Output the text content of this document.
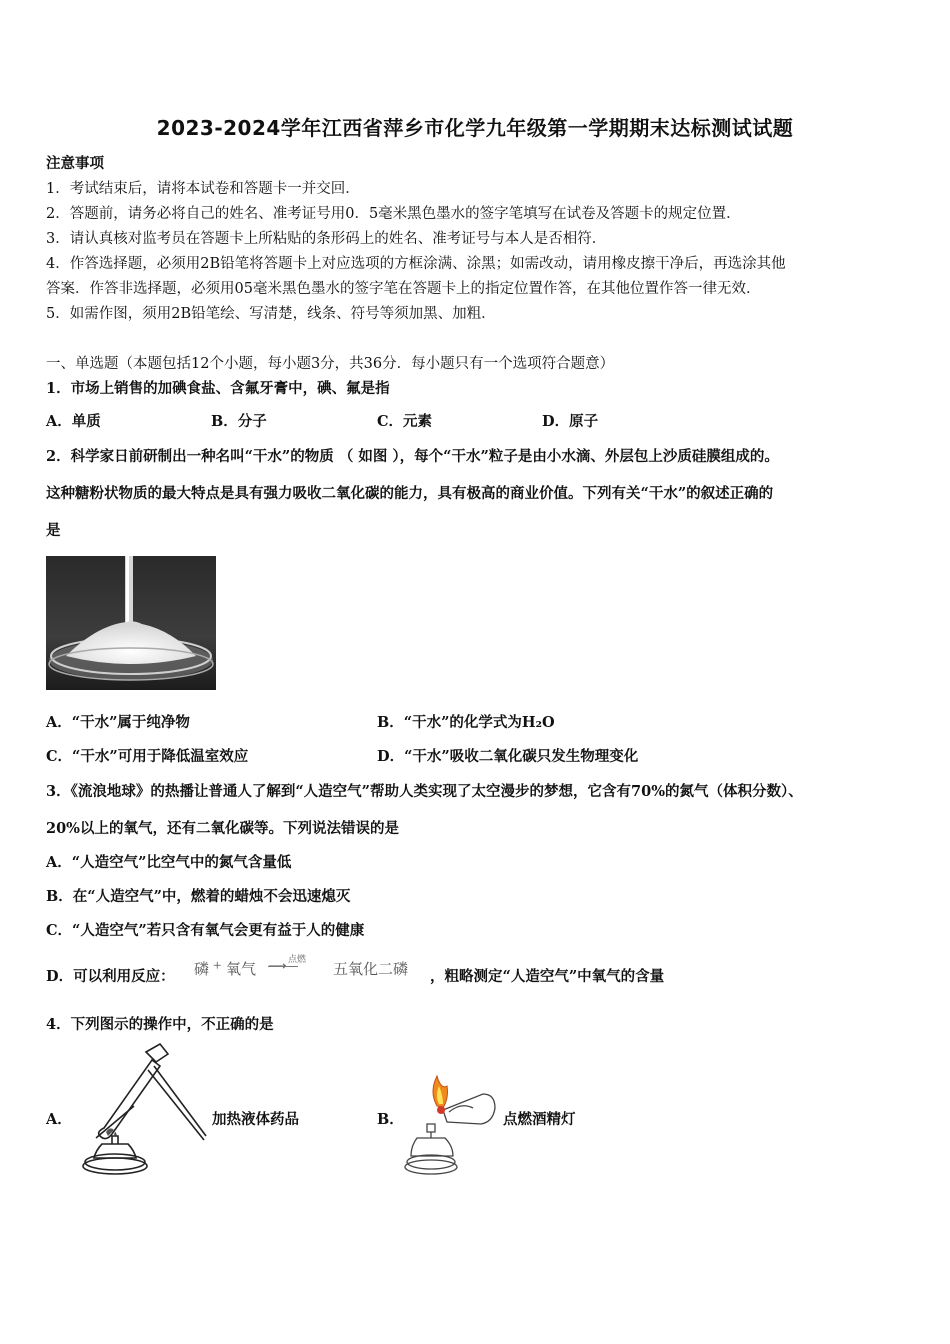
2023-2024学年江西省萍乡市化学九年级第一学期期末达标测试试题
注意事项
1．考试结束后，请将本试卷和答题卡一并交回．
2．答题前，请务必将自己的姓名、准考证号用0．5毫米黑色墨水的签字笔填写在试卷及答题卡的规定位置．
3．请认真核对监考员在答题卡上所粘贴的条形码上的姓名、准考证号与本人是否相符．
4．作答选择题，必须用2B铅笔将答题卡上对应选项的方框涂满、涂黑；如需改动，请用橡皮擦干净后，再选涂其他
答案．作答非选择题，必须用05毫米黑色墨水的签字笔在答题卡上的指定位置作答，在其他位置作答一律无效．
5．如需作图，须用2B铅笔绘、写清楚，线条、符号等须加黑、加粗．
一、单选题（本题包括12个小题，每小题3分，共36分．每小题只有一个选项符合题意）
1．市场上销售的加碘食盐、含氟牙膏中，碘、氟是指
A．单质	B．分子	C．元素	D．原子
2．科学家日前研制出一种名叫“干水”的物质 （ 如图 ），每个“干水”粒子是由小水滴、外层包上沙质硅膜组成的。
这种糖粉状物质的最大特点是具有强力吸收二氧化碳的能力，具有极高的商业价值。下列有关“干水”的叙述正确的
是
A．“干水”属于纯净物	B．“干水”的化学式为H₂O
C．“干水”可用于降低温室效应	D．“干水”吸收二氧化碳只发生物理变化
3．《流浪地球》的热播让普通人了解到“人造空气”帮助人类实现了太空漫步的梦想，它含有70%的氮气（体积分数）、
20%以上的氧气，还有二氧化碳等。下列说法错误的是
A．“人造空气”比空气中的氮气含量低
B．在“人造空气”中，燃着的蜡烛不会迅速熄灭
C．“人造空气”若只含有氧气会更有益于人的健康
D．可以利用反应： 磷 + 氧气
点燃
⟶	五氧化二磷 ，粗略测定“人造空气”中氧气的含量
4．下列图示的操作中，不正确的是
A．	加热液体药品	B．	点燃酒精灯
